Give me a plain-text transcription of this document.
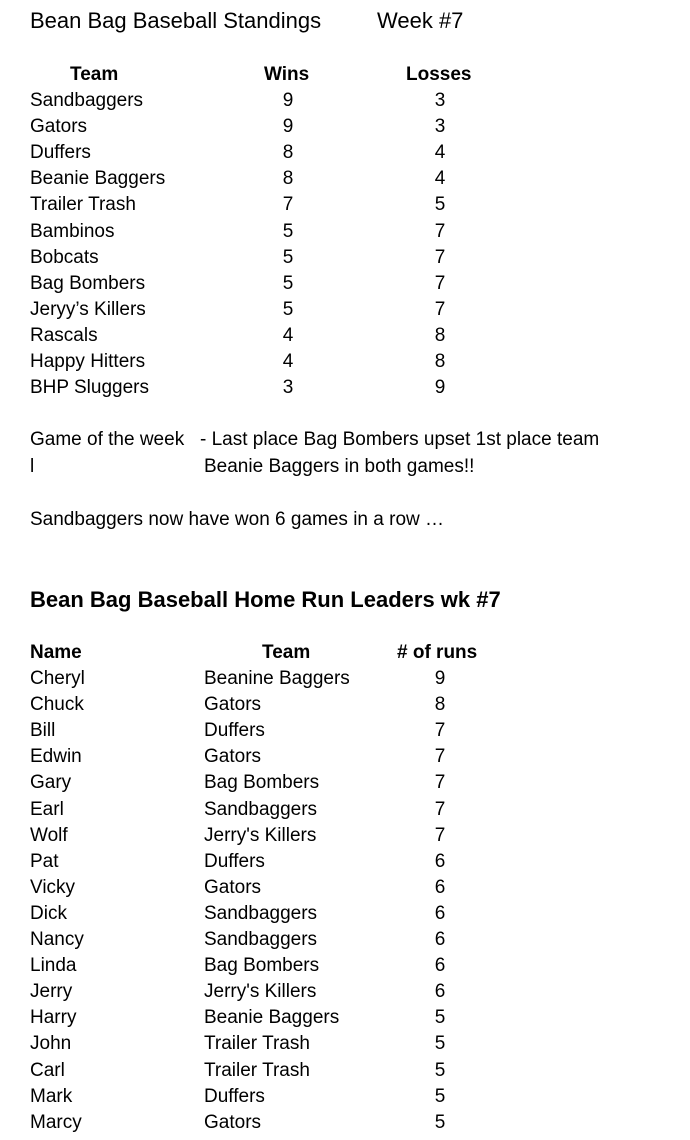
Bean Bag Baseball Standings	Week #7
Team	Wins	Losses
Sandbaggers	9	3
Gators	9	3
Duffers	8	4
Beanie Baggers	8	4
Trailer Trash	7	5
Bambinos	5	7
Bobcats	5	7
Bag Bombers	5	7
Jeryy’s Killers	5	7
Rascals	4	8
Happy Hitters	4	8
BHP Sluggers	3	9
Game of the week - Last place Bag Bombers upset 1st place team
l	Beanie Baggers in both games!!
Sandbaggers now have won 6 games in a row …
Bean Bag Baseball Home Run Leaders wk #7
Name	Team	# of runs
Cheryl	Beanine Baggers	9
Chuck	Gators	8
Bill	Duffers	7
Edwin	Gators	7
Gary	Bag Bombers	7
Earl	Sandbaggers	7
Wolf	Jerry's Killers	7
Pat	Duffers	6
Vicky	Gators	6
Dick	Sandbaggers	6
Nancy	Sandbaggers	6
Linda	Bag Bombers	6
Jerry	Jerry's Killers	6
Harry	Beanie Baggers	5
John	Trailer Trash	5
Carl	Trailer Trash	5
Mark	Duffers	5
Marcy	Gators	5
